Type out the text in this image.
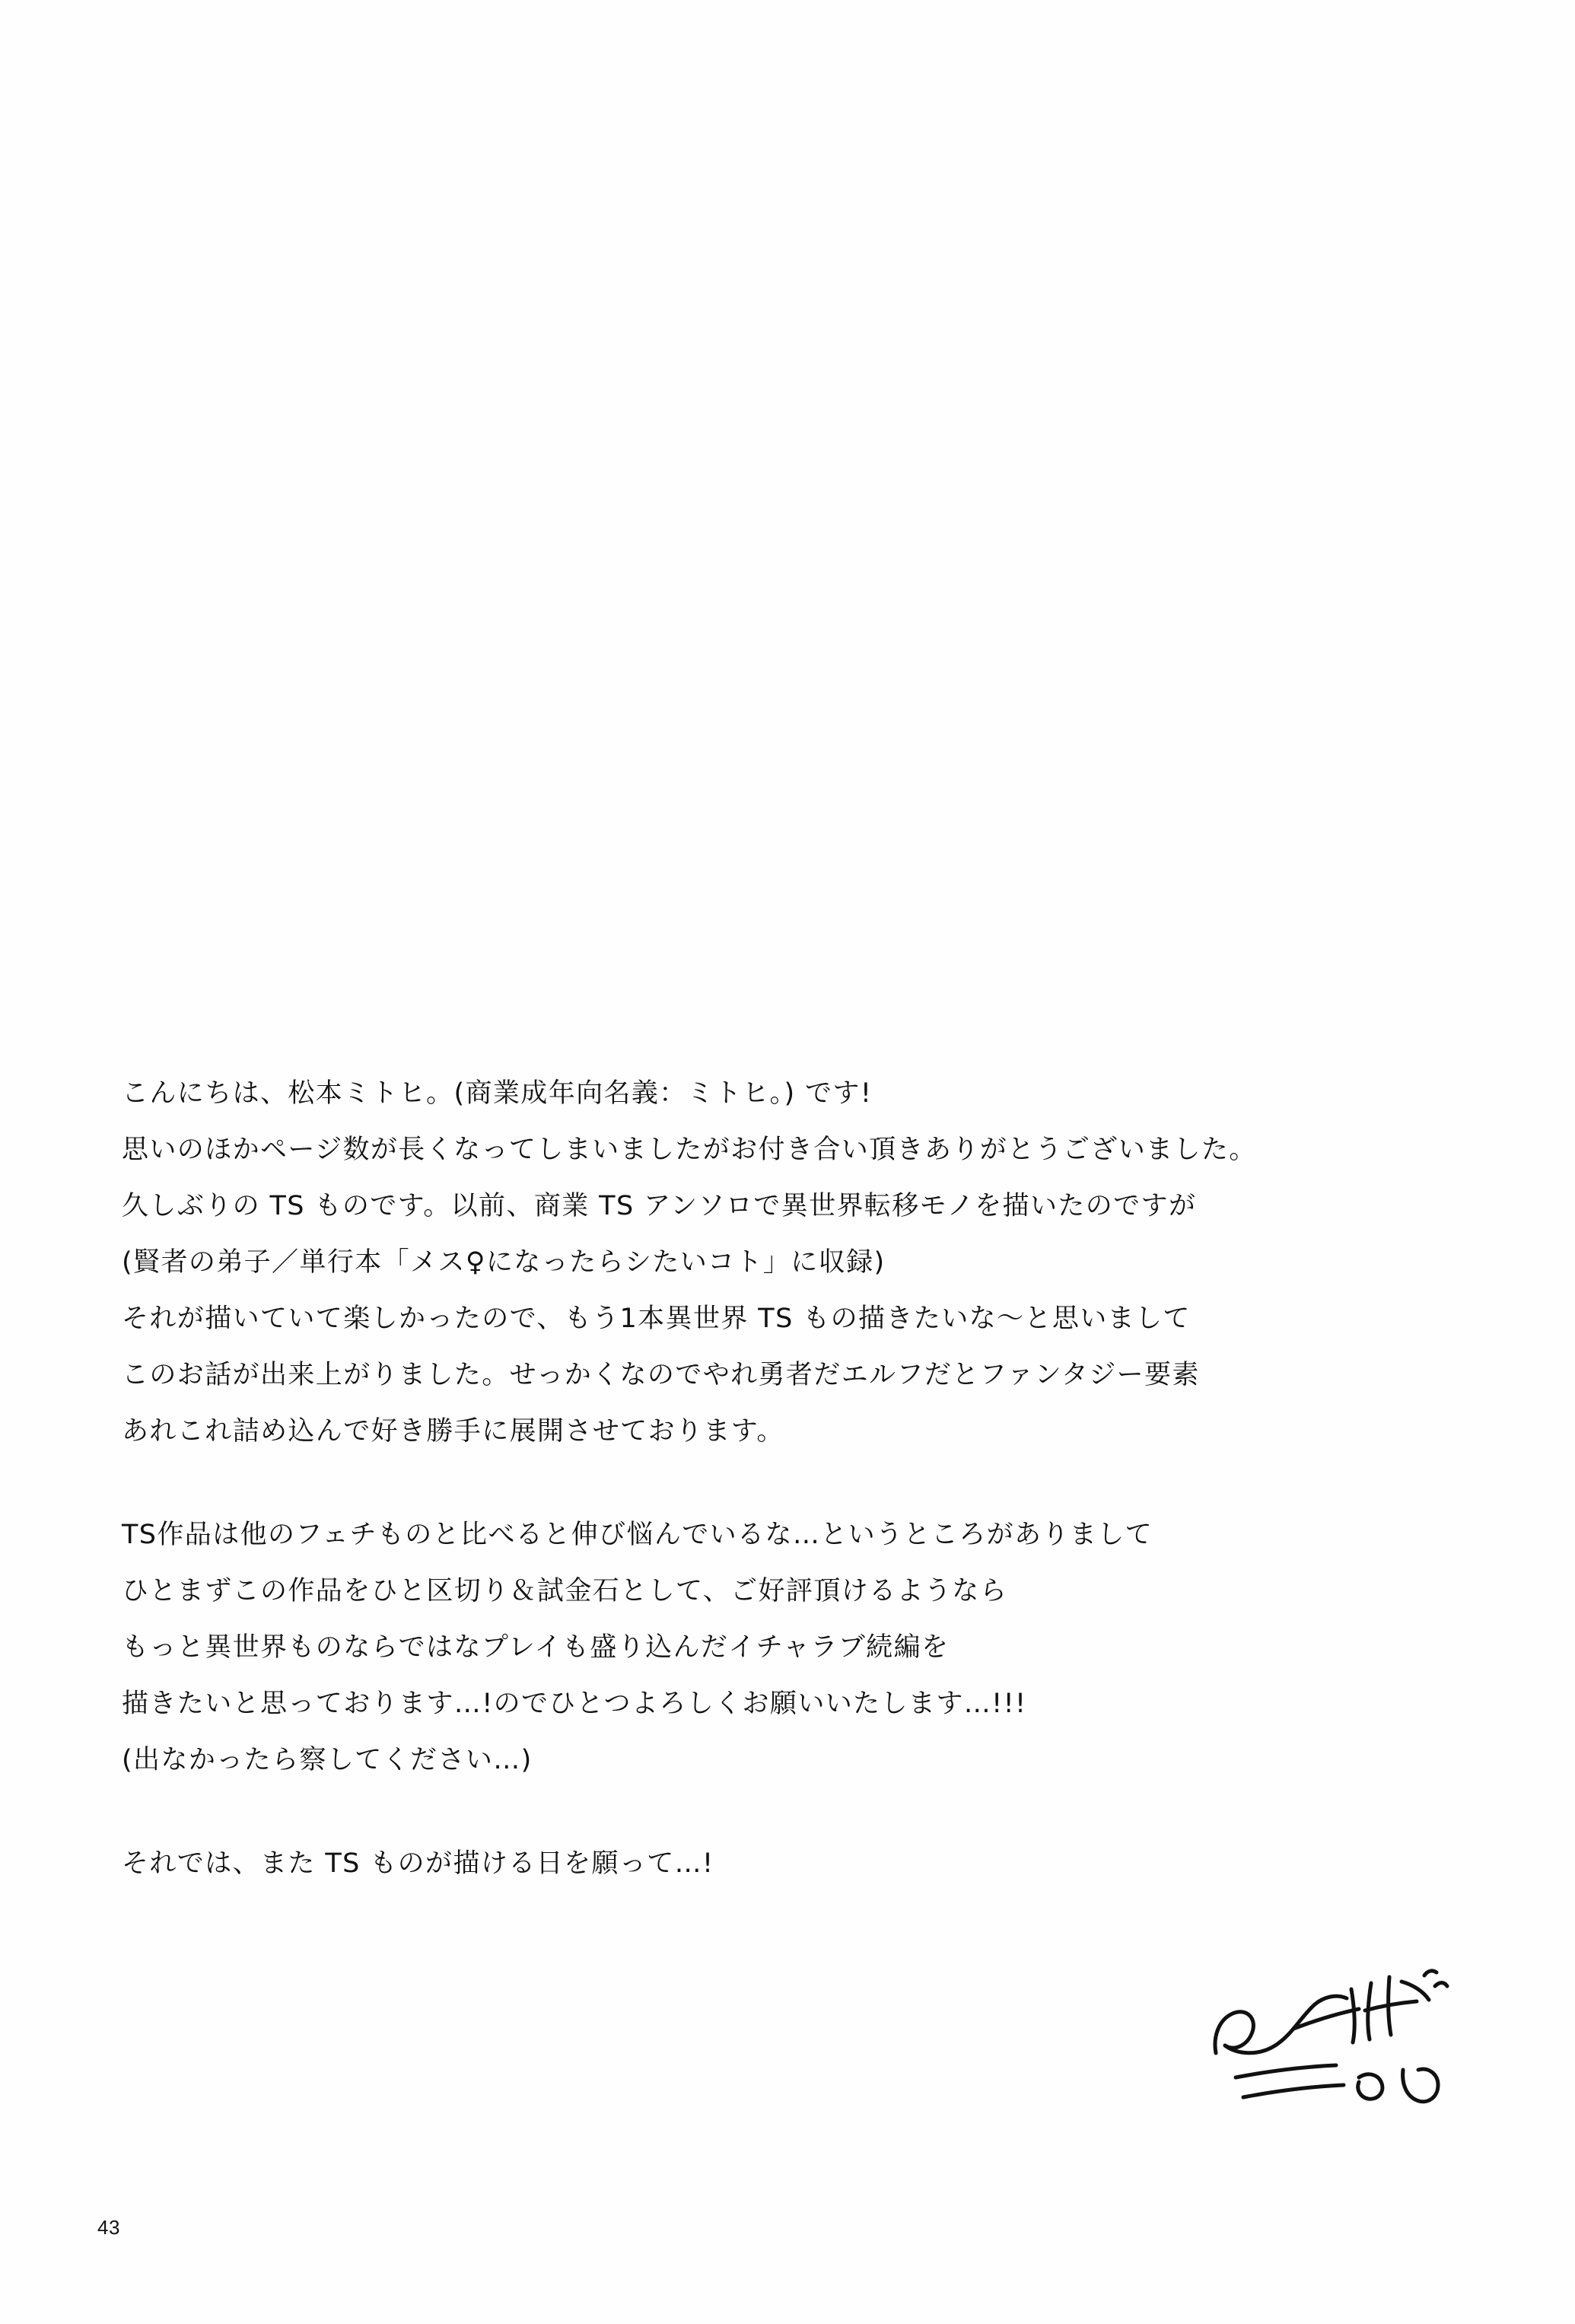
こんにちは、松本ミトヒ。(商業成年向名義：ミトヒ。) です!
思いのほかページ数が長くなってしまいましたがお付き合い頂きありがとうございました。
久しぶりの TS ものです。以前、商業 TS アンソロで異世界転移モノを描いたのですが
(賢者の弟子／単行本「メス♀になったらシたいコト」に収録)
それが描いていて楽しかったので、もう1本異世界 TS もの描きたいな〜と思いまして
このお話が出来上がりました。せっかくなのでやれ勇者だエルフだとファンタジー要素
あれこれ詰め込んで好き勝手に展開させております。
TS作品は他のフェチものと比べると伸び悩んでいるな…というところがありまして
ひとまずこの作品をひと区切り＆試金石として、ご好評頂けるようなら
もっと異世界ものならではなプレイも盛り込んだイチャラブ続編を
描きたいと思っております…!のでひとつよろしくお願いいたします…!!!
(出なかったら察してください…)
それでは、また TS ものが描ける日を願って…!
43
